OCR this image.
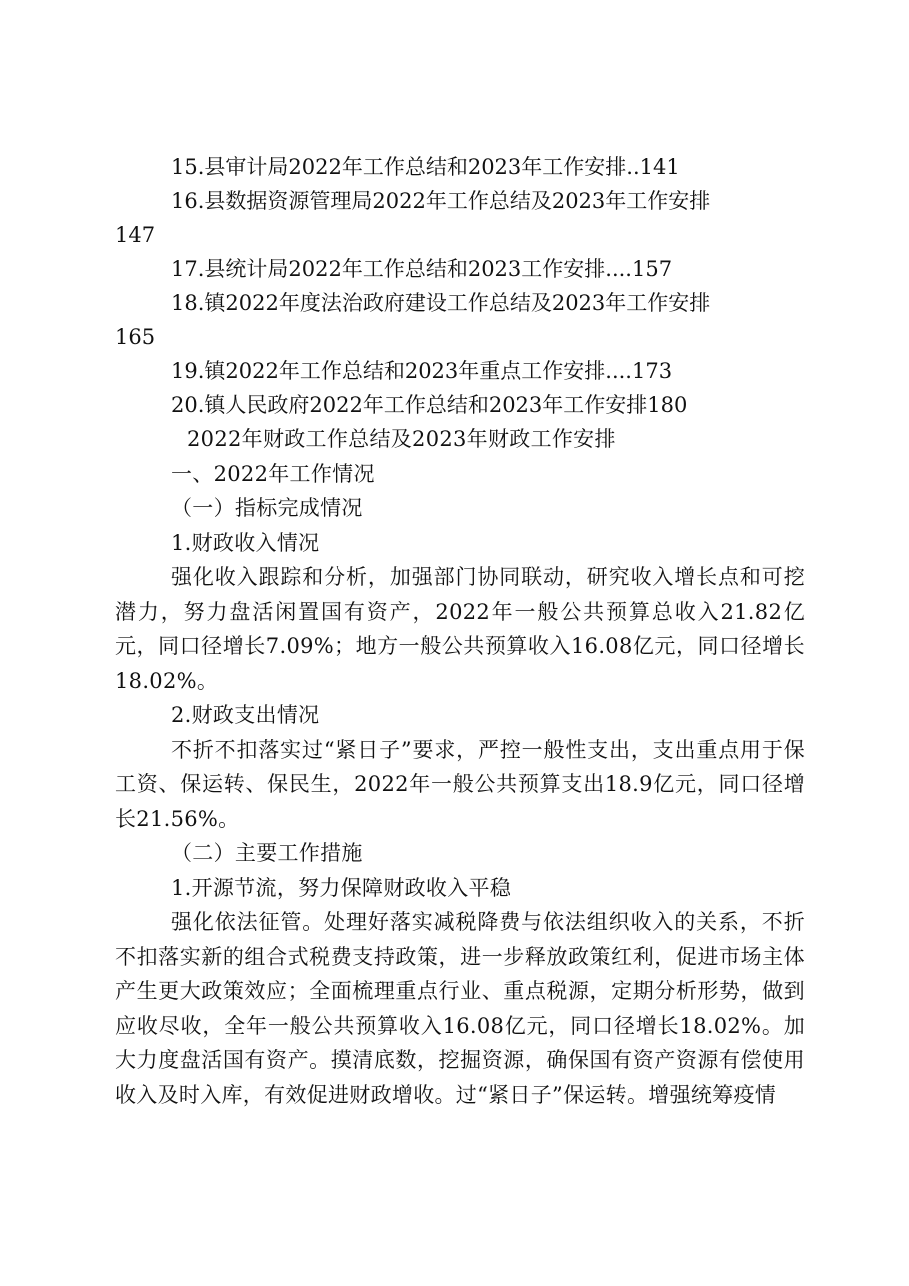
15.县审计局2022年工作总结和2023年工作安排..141

16.县数据资源管理局2022年工作总结及2023年工作安排

147

17.县统计局2022年工作总结和2023工作安排....157

18.镇2022年度法治政府建设工作总结及2023年工作安排

165

19.镇2022年工作总结和2023年重点工作安排....173

20.镇人民政府2022年工作总结和2023年工作安排180

2022年财政工作总结及2023年财政工作安排

一、2022年工作情况

（一）指标完成情况

1.财政收入情况

强化收入跟踪和分析，加强部门协同联动，研究收入增长点和可挖潜力，努力盘活闲置国有资产，2022年一般公共预算总收入21.82亿元，同口径增长7.09%；地方一般公共预算收入16.08亿元，同口径增长18.02%。

2.财政支出情况

不折不扣落实过“紧日子”要求，严控一般性支出，支出重点用于保工资、保运转、保民生，2022年一般公共预算支出18.9亿元，同口径增长21.56%。

（二）主要工作措施

1.开源节流，努力保障财政收入平稳

强化依法征管。处理好落实减税降费与依法组织收入的关系，不折不扣落实新的组合式税费支持政策，进一步释放政策红利，促进市场主体产生更大政策效应；全面梳理重点行业、重点税源，定期分析形势，做到应收尽收，全年一般公共预算收入16.08亿元，同口径增长18.02%。加大力度盘活国有资产。摸清底数，挖掘资源，确保国有资产资源有偿使用收入及时入库，有效促进财政增收。过“紧日子”保运转。增强统筹疫情
